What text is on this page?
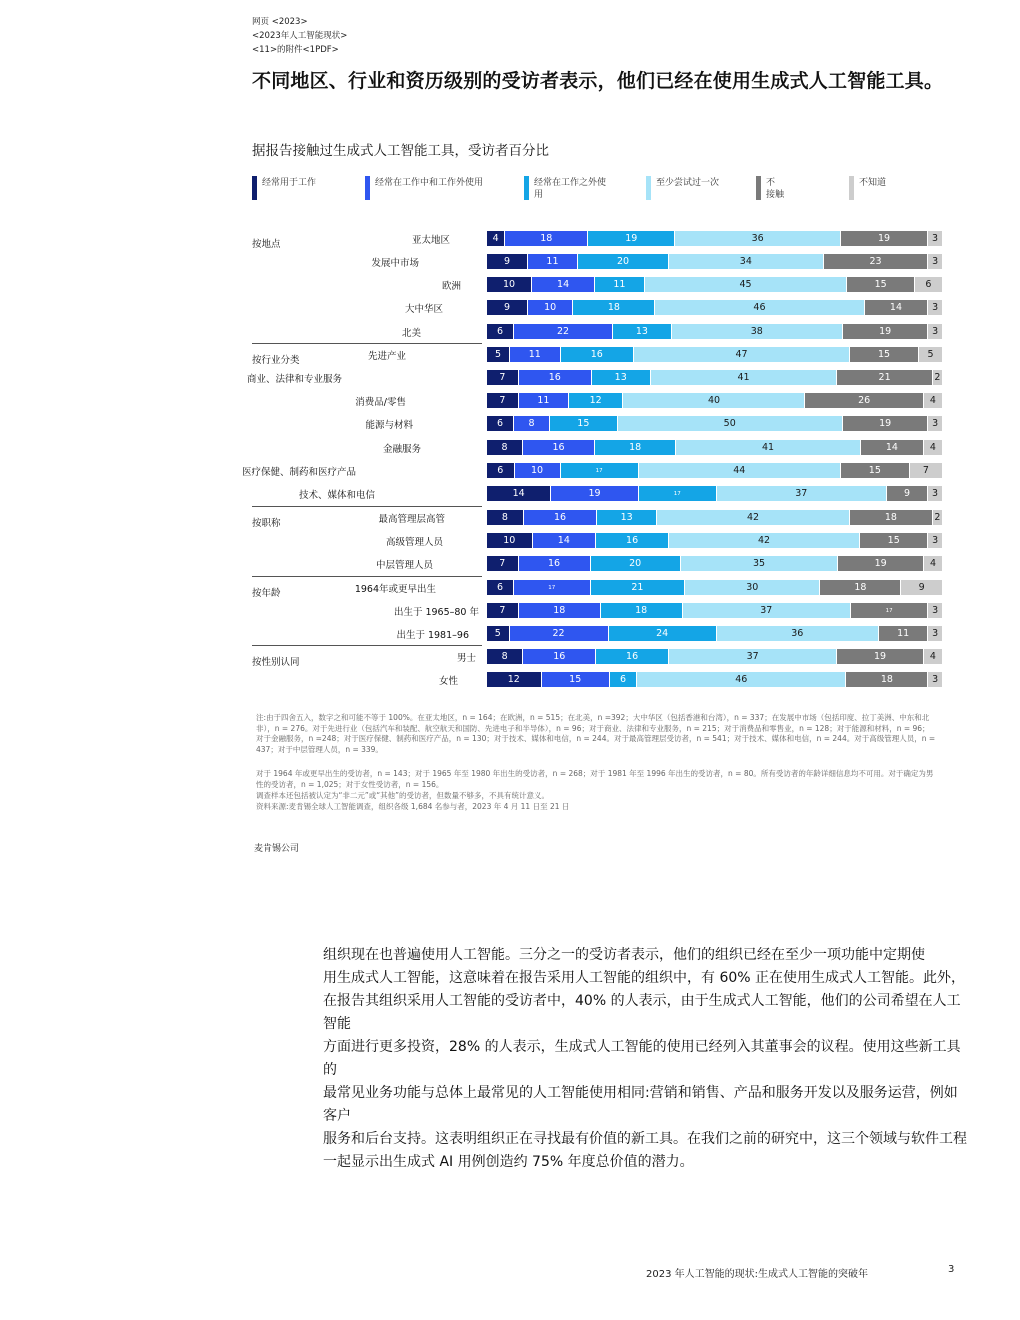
网页 <2023>
<2023年人工智能现状>
<11>的附件<1PDF>
不同地区、行业和资历级别的受访者表示，他们已经在使用生成式人工智能工具。
据报告接触过生成式人工智能工具，受访者百分比
经常用于工作	经常在工作中和工作外使用	经常在工作之外使
用
至少尝试过一次	不
接触
不知道
按地点
按行业分类
按职称
按年龄
按性别认同
亚太地区	4	18	19	36	19	3
发展中市场	9	11	20	34	23	3
欧洲	10	14	11	45	15	6
大中华区	9	10	18	46	14	3
北美	6	22	13	38	19	3
先进产业	5	11	16	47	15	5
商业、法律和专业服务	7	16	13	41	21	2
消费品/零售	7	11	12	40	26	4
能源与材料	6	8	15	50	19	3
金融服务	8	16	18	41	14	4
医疗保健、制药和医疗产品	6	10	17	44	15	7
技术、媒体和电信	14	19	17	37	9	3
最高管理层高管	8	16	13	42	18	2
高级管理人员	10	14	16	42	15	3
中层管理人员	7	16	20	35	19	4
1964年或更早出生	6	17	21	30	18	9
出生于 1965–80 年	7	18	18	37	17	3
出生于 1981–96	5	22	24	36	11	3
男士	8	16	16	37	19	4
女性	12	15	6	46	18	3
注:由于四舍五入，数字之和可能不等于 100%。在亚太地区，n = 164；在欧洲，n = 515；在北美，n =392；大中华区（包括香港和台湾），n = 337；在发展中市场（包括印度、拉丁美洲、中东和北非），n = 276。对于先进行业（包括汽车和装配、航空航天和国防、先进电子和半导体），n = 96；对于商业、法律和专业服务，n = 215；对于消费品和零售业，n = 128；对于能源和材料，n = 96；对于金融服务，n =248；对于医疗保健、制药和医疗产品，n = 130；对于技术、媒体和电信，n = 244。对于最高管理层受访者，n = 541；对于技术、媒体和电信，n = 244。对于高级管理人员，n = 437；对于中层管理人员，n = 339。
对于 1964 年或更早出生的受访者，n = 143；对于 1965 年至 1980 年出生的受访者，n = 268；对于 1981 年至 1996 年出生的受访者，n = 80。所有受访者的年龄详细信息均不可用。对于确定为男性的受访者，n = 1,025；对于女性受访者，n = 156。
调查样本还包括被认定为“非二元”或“其他”的受访者，但数量不够多，不具有统计意义。
资料来源:麦肯锡全球人工智能调查，组织各级 1,684 名参与者，2023 年 4 月 11 日至 21 日
麦肯锡公司
组织现在也普遍使用人工智能。三分之一的受访者表示，他们的组织已经在至少一项功能中定期使
用生成式人工智能，这意味着在报告采用人工智能的组织中，有 60% 正在使用生成式人工智能。此外，
在报告其组织采用人工智能的受访者中，40% 的人表示，由于生成式人工智能，他们的公司希望在人工智能
方面进行更多投资，28% 的人表示，生成式人工智能的使用已经列入其董事会的议程。使用这些新工具的
最常见业务功能与总体上最常见的人工智能使用相同:营销和销售、产品和服务开发以及服务运营，例如客户
服务和后台支持。这表明组织正在寻找最有价值的新工具。在我们之前的研究中，这三个领域与软件工程
一起显示出生成式 AI 用例创造约 75% 年度总价值的潜力。
2023 年人工智能的现状:生成式人工智能的突破年	3
